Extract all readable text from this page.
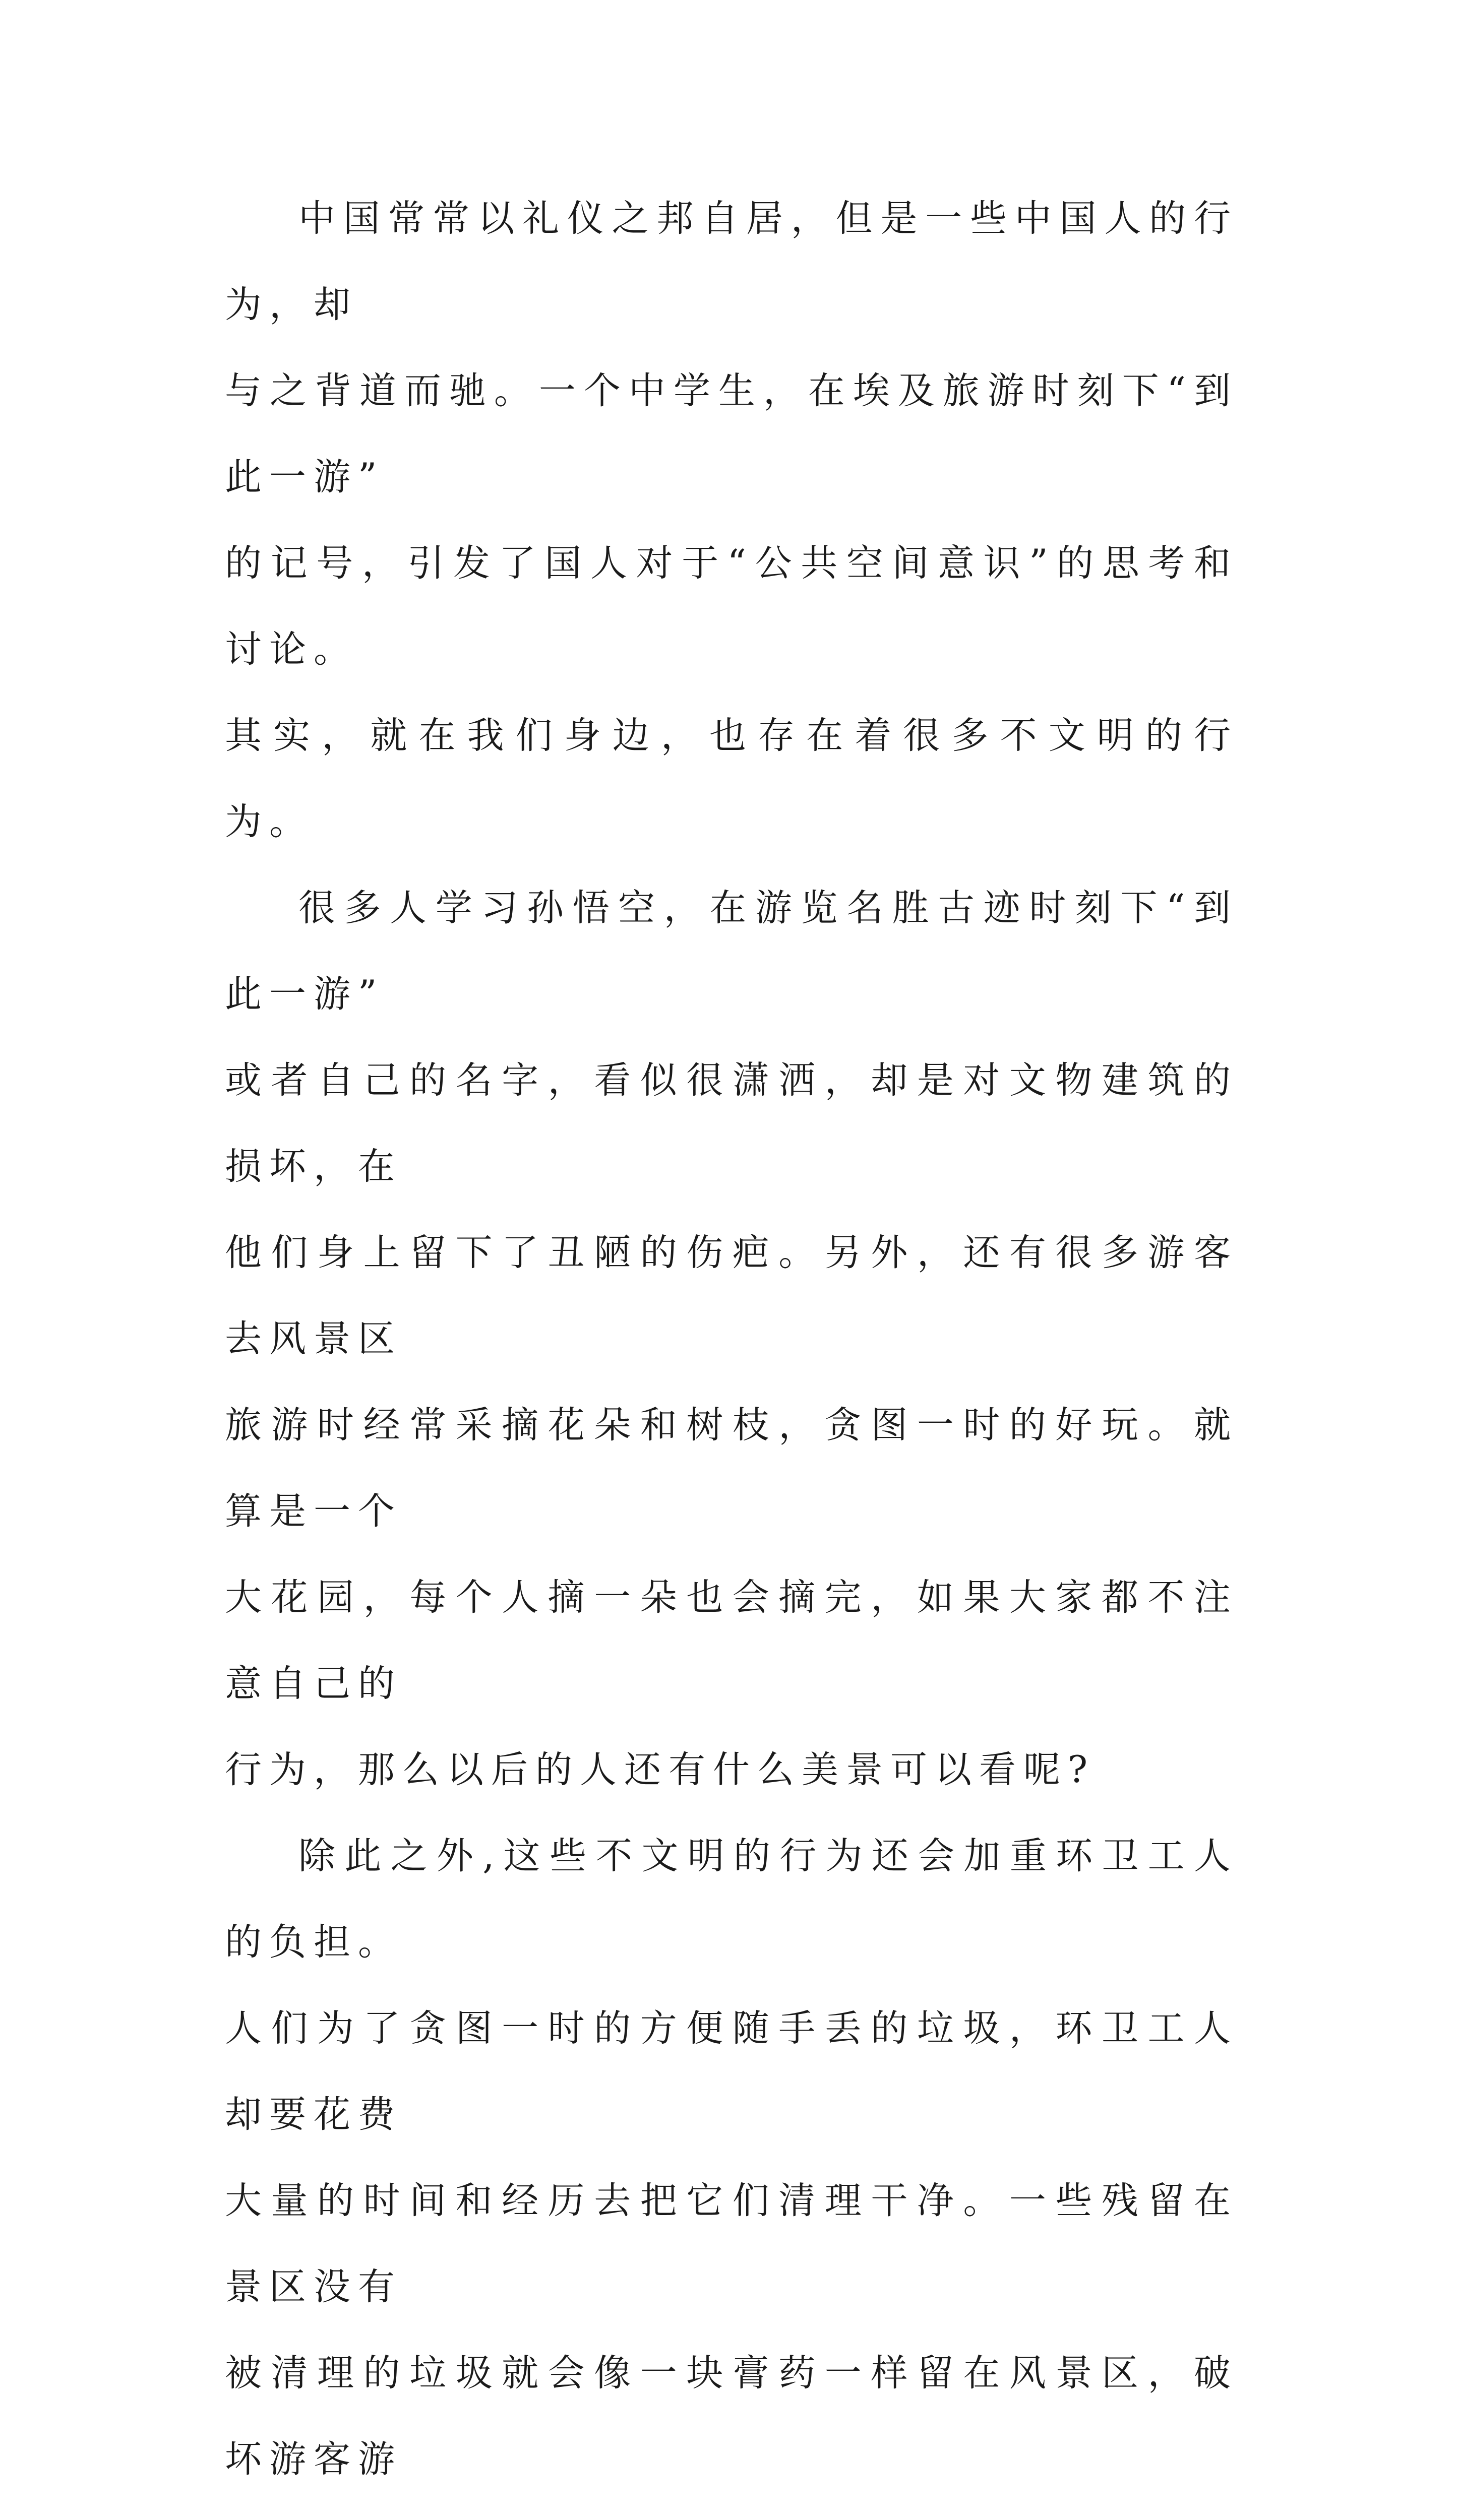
中国常常以礼仪之邦自居，但是一些中国人的行为，却
与之背道而驰。一个中学生，在埃及旅游时刻下“到此一游”
的记号，引发了国人对于“公共空间意识”的思考和讨论。
其实，就在我们身边，也存在着很多不文明的行为。

很多人学习孙悟空，在游览名胜古迹时刻下“到此一游”
或者自己的名字，看似很潇洒，却是对文物建筑的损坏，在
他们身上留下了丑陋的伤疤。另外，还有很多游客去风景区
旅游时经常采摘花朵和树枝，贪图一时的好玩。就算是一个
大花园，每个人摘一朵也会摘完，如果大家都不注意自己的
行为，那么以后的人还有什么美景可以看呢?

除此之外,这些不文明的行为还会加重环卫工人的负担。
人们为了贪图一时的方便随手丢的垃圾，环卫工人却要花费
大量的时间和经历去把它们清理干净。一些残留在景区没有
被清理的垃圾就会像一块膏药一样留在风景区，破坏游客游
